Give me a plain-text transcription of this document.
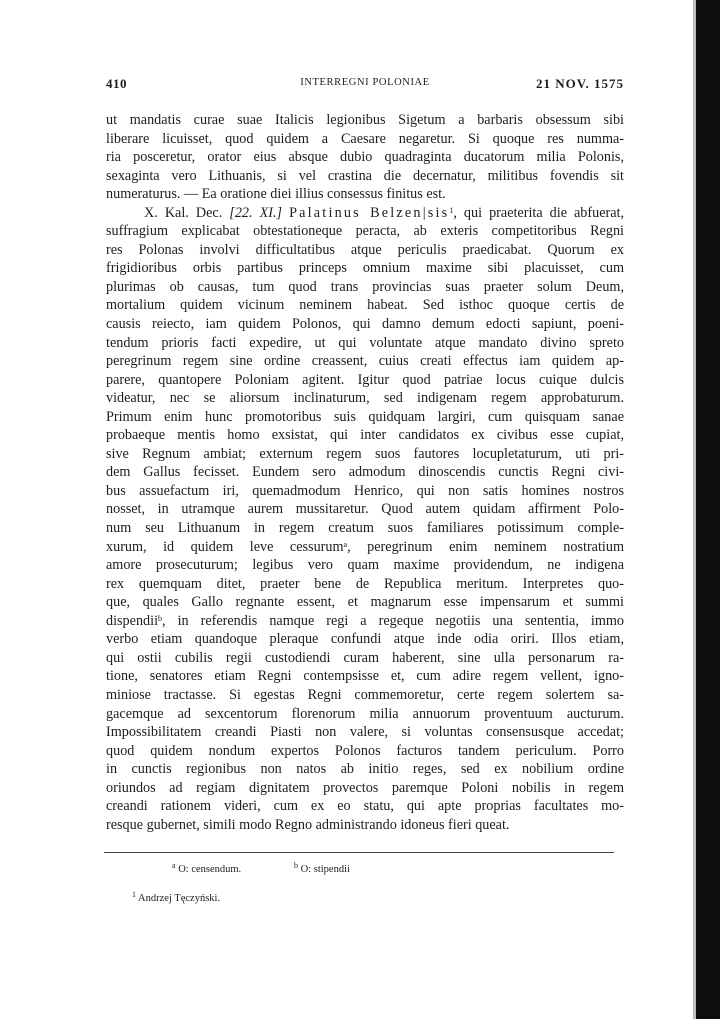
410	INTERREGNI POLONIAE	21 NOV. 1575
ut mandatis curae suae Italicis legionibus Sigetum a barbaris obsessum sibi
liberare licuisset, quod quidem a Caesare negaretur. Si quoque res numma-
ria posceretur, orator eius absque dubio quadraginta ducatorum milia Polonis,
sexaginta vero Lithuanis, si vel crastina die decernatur, militibus fovendis sit
numeraturus. — Ea oratione diei illius consessus finitus est.
X. Kal. Dec. [22. XI.] Palatinus Belzen|sis$^1$, qui praeterita die abfuerat,
suffragium explicabat obtestationeque peracta, ab exteris competitoribus Regni
res Polonas involvi difficultatibus atque periculis praedicabat. Quorum ex
frigidioribus orbis partibus princeps omnium maxime sibi placuisset, cum
plurimas ob causas, tum quod trans provincias suas praeter solum Deum,
mortalium quidem vicinum neminem habeat. Sed isthoc quoque certis de
causis reiecto, iam quidem Polonos, qui damno demum edocti sapiunt, poeni-
tendum prioris facti expedire, ut qui voluntate atque mandato divino spreto
peregrinum regem sine ordine creassent, cuius creati effectus iam quidem ap-
parere, quantopere Poloniam agitent. Igitur quod patriae locus cuique dulcis
videatur, nec se aliorsum inclinaturum, sed indigenam regem approbaturum.
Primum enim hunc promotoribus suis quidquam largiri, cum quisquam sanae
probaeque mentis homo exsistat, qui inter candidatos ex civibus esse cupiat,
sive Regnum ambiat; externum regem suos fautores locupletaturum, uti pri-
dem Gallus fecisset. Eundem sero admodum dinoscendis cunctis Regni civi-
bus assuefactum iri, quemadmodum Henrico, qui non satis homines nostros
nosset, in utramque aurem mussitaretur. Quod autem quidam affirment Polo-
num seu Lithuanum in regem creatum suos familiares potissimum comple-
xurum, id quidem leve cessurum$^a$, peregrinum enim neminem nostratium
amore prosecuturum; legibus vero quam maxime providendum, ne indigena
rex quemquam ditet, praeter bene de Republica meritum. Interpretes quo-
que, quales Gallo regnante essent, et magnarum esse impensarum et summi
dispendii$^b$, in referendis namque regi a regeque negotiis una sententia, immo
verbo etiam quandoque pleraque confundi atque inde odia oriri. Illos etiam,
qui ostii cubilis regii custodiendi curam haberent, sine ulla personarum ra-
tione, senatores etiam Regni contempsisse et, cum adire regem vellent, igno-
miniose tractasse. Si egestas Regni commemoretur, certe regem solertem sa-
gacemque ad sexcentorum florenorum milia annuorum proventuum aucturum.
Impossibilitatem creandi Piasti non valere, si voluntas consensusque accedat;
quod quidem nondum expertos Polonos facturos tandem periculum. Porro
in cunctis regionibus non natos ab initio reges, sed ex nobilium ordine
oriundos ad regiam dignitatem provectos paremque Poloni nobilis in regem
creandi rationem videri, cum ex eo statu, qui apte proprias facultates mo-
resque gubernet, simili modo Regno administrando idoneus fieri queat.
$^a$ O: censendum.	$^b$ O: stipendii
$^1$ Andrzej Tęczyński.
